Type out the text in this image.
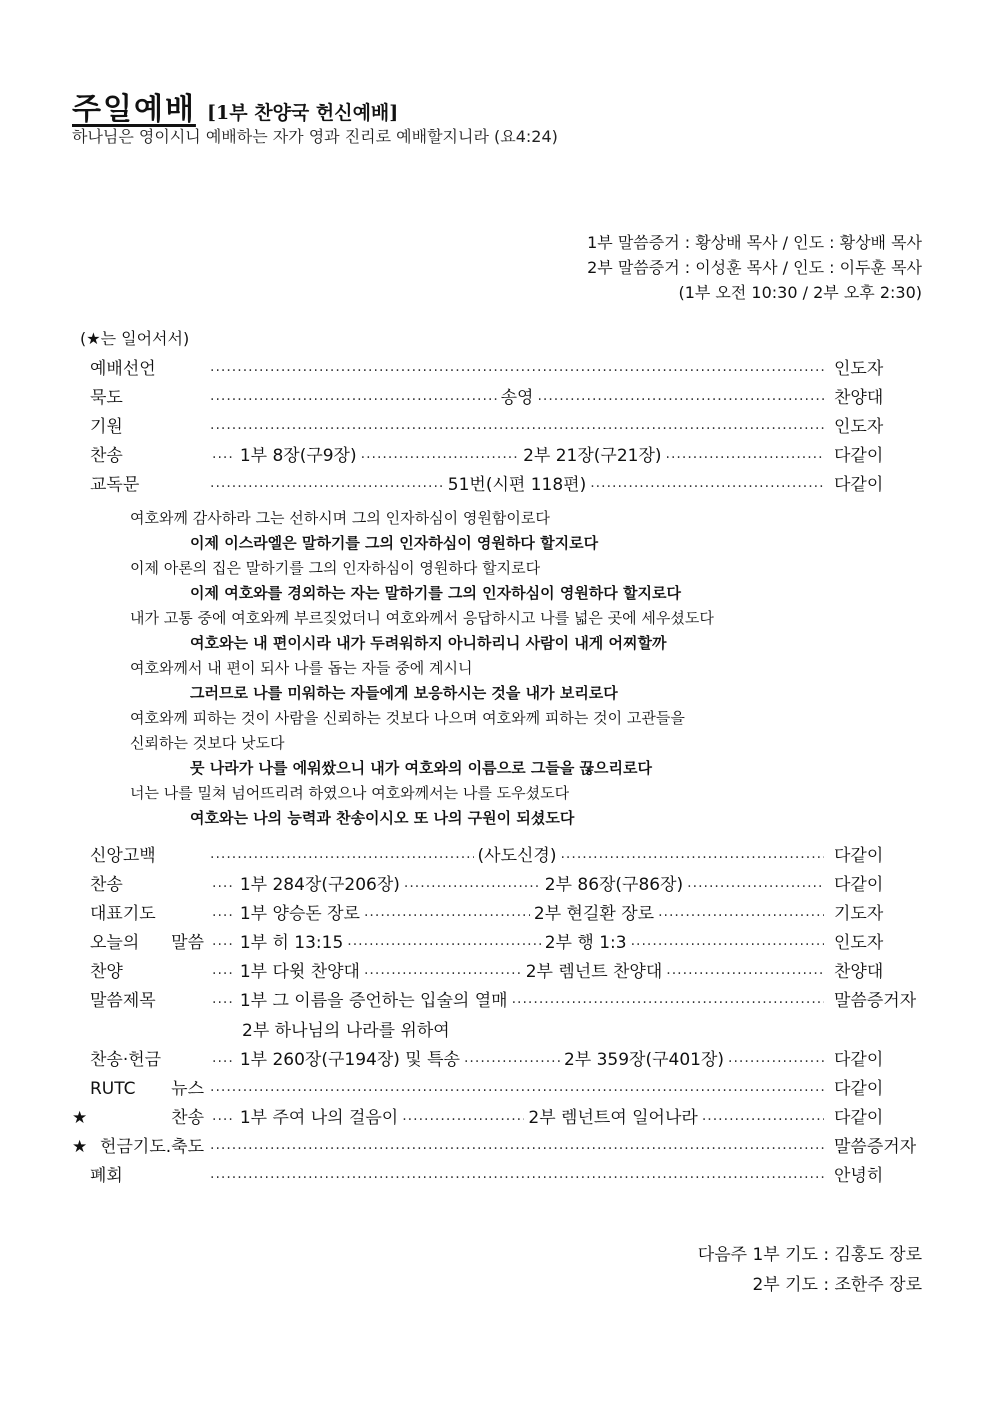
주일예배 [1부 찬양국 헌신예배]
하나님은 영이시니 예배하는 자가 영과 진리로 예배할지니라 (요4:24)
1부 말씀증거 : 황상배 목사 / 인도 : 황상배 목사
2부 말씀증거 : 이성훈 목사 / 인도 : 이두훈 목사
(1부 오전 10:30 / 2부 오후 2:30)
(★는 일어서서)
예배선언 .....	인도자
묵도 .....	송영 .....	찬양대
기원 .....	인도자
찬송	.... 1부 8장(구9장) .....	2부 21장(구21장) .....	다같이
교독문 .....	51번(시편 118편) .....	다같이
여호와께 감사하라 그는 선하시며 그의 인자하심이 영원함이로다
이제 이스라엘은 말하기를 그의 인자하심이 영원하다 할지로다
이제 아론의 집은 말하기를 그의 인자하심이 영원하다 할지로다
이제 여호와를 경외하는 자는 말하기를 그의 인자하심이 영원하다 할지로다
내가 고통 중에 여호와께 부르짖었더니 여호와께서 응답하시고 나를 넓은 곳에 세우셨도다
여호와는 내 편이시라 내가 두려워하지 아니하리니 사람이 내게 어찌할까
여호와께서 내 편이 되사 나를 돕는 자들 중에 계시니
그러므로 나를 미워하는 자들에게 보응하시는 것을 내가 보리로다
여호와께 피하는 것이 사람을 신뢰하는 것보다 나으며 여호와께 피하는 것이 고관들을
신뢰하는 것보다 낫도다
뭇 나라가 나를 에워쌌으니 내가 여호와의 이름으로 그들을 끊으리로다
너는 나를 밀쳐 넘어뜨리려 하였으나 여호와께서는 나를 도우셨도다
여호와는 나의 능력과 찬송이시오 또 나의 구원이 되셨도다
신앙고백 .....	(사도신경) .....	다같이
찬송	.... 1부 284장(구206장) .....	2부 86장(구86장) .....	다같이
대표기도	.... 1부 양승돈 장로 .....	2부 현길환 장로 .....	기도자
오늘의 말씀 .... 1부 히 13:15 .....	2부 행 1:3 .....	인도자
찬양	.... 1부 다윗 찬양대 .....	2부 렘넌트 찬양대 .....	찬양대
말씀제목	.... 1부 그 이름을 증언하는 입술의 열매 .....	말씀증거자
2부 하나님의 나라를 위하여
찬송·헌금	.... 1부 260장(구194장) 및 특송 .....	2부 359장(구401장) .....	다같이
RUTC 뉴스 .....	다같이
★찬송 .... 1부 주여 나의 걸음이 .....	2부 렘넌트여 일어나라 .....	다같이
★헌금기도.축도 .....	말씀증거자
폐회 .....	안녕히
다음주 1부 기도 : 김홍도 장로
2부 기도 : 조한주 장로
